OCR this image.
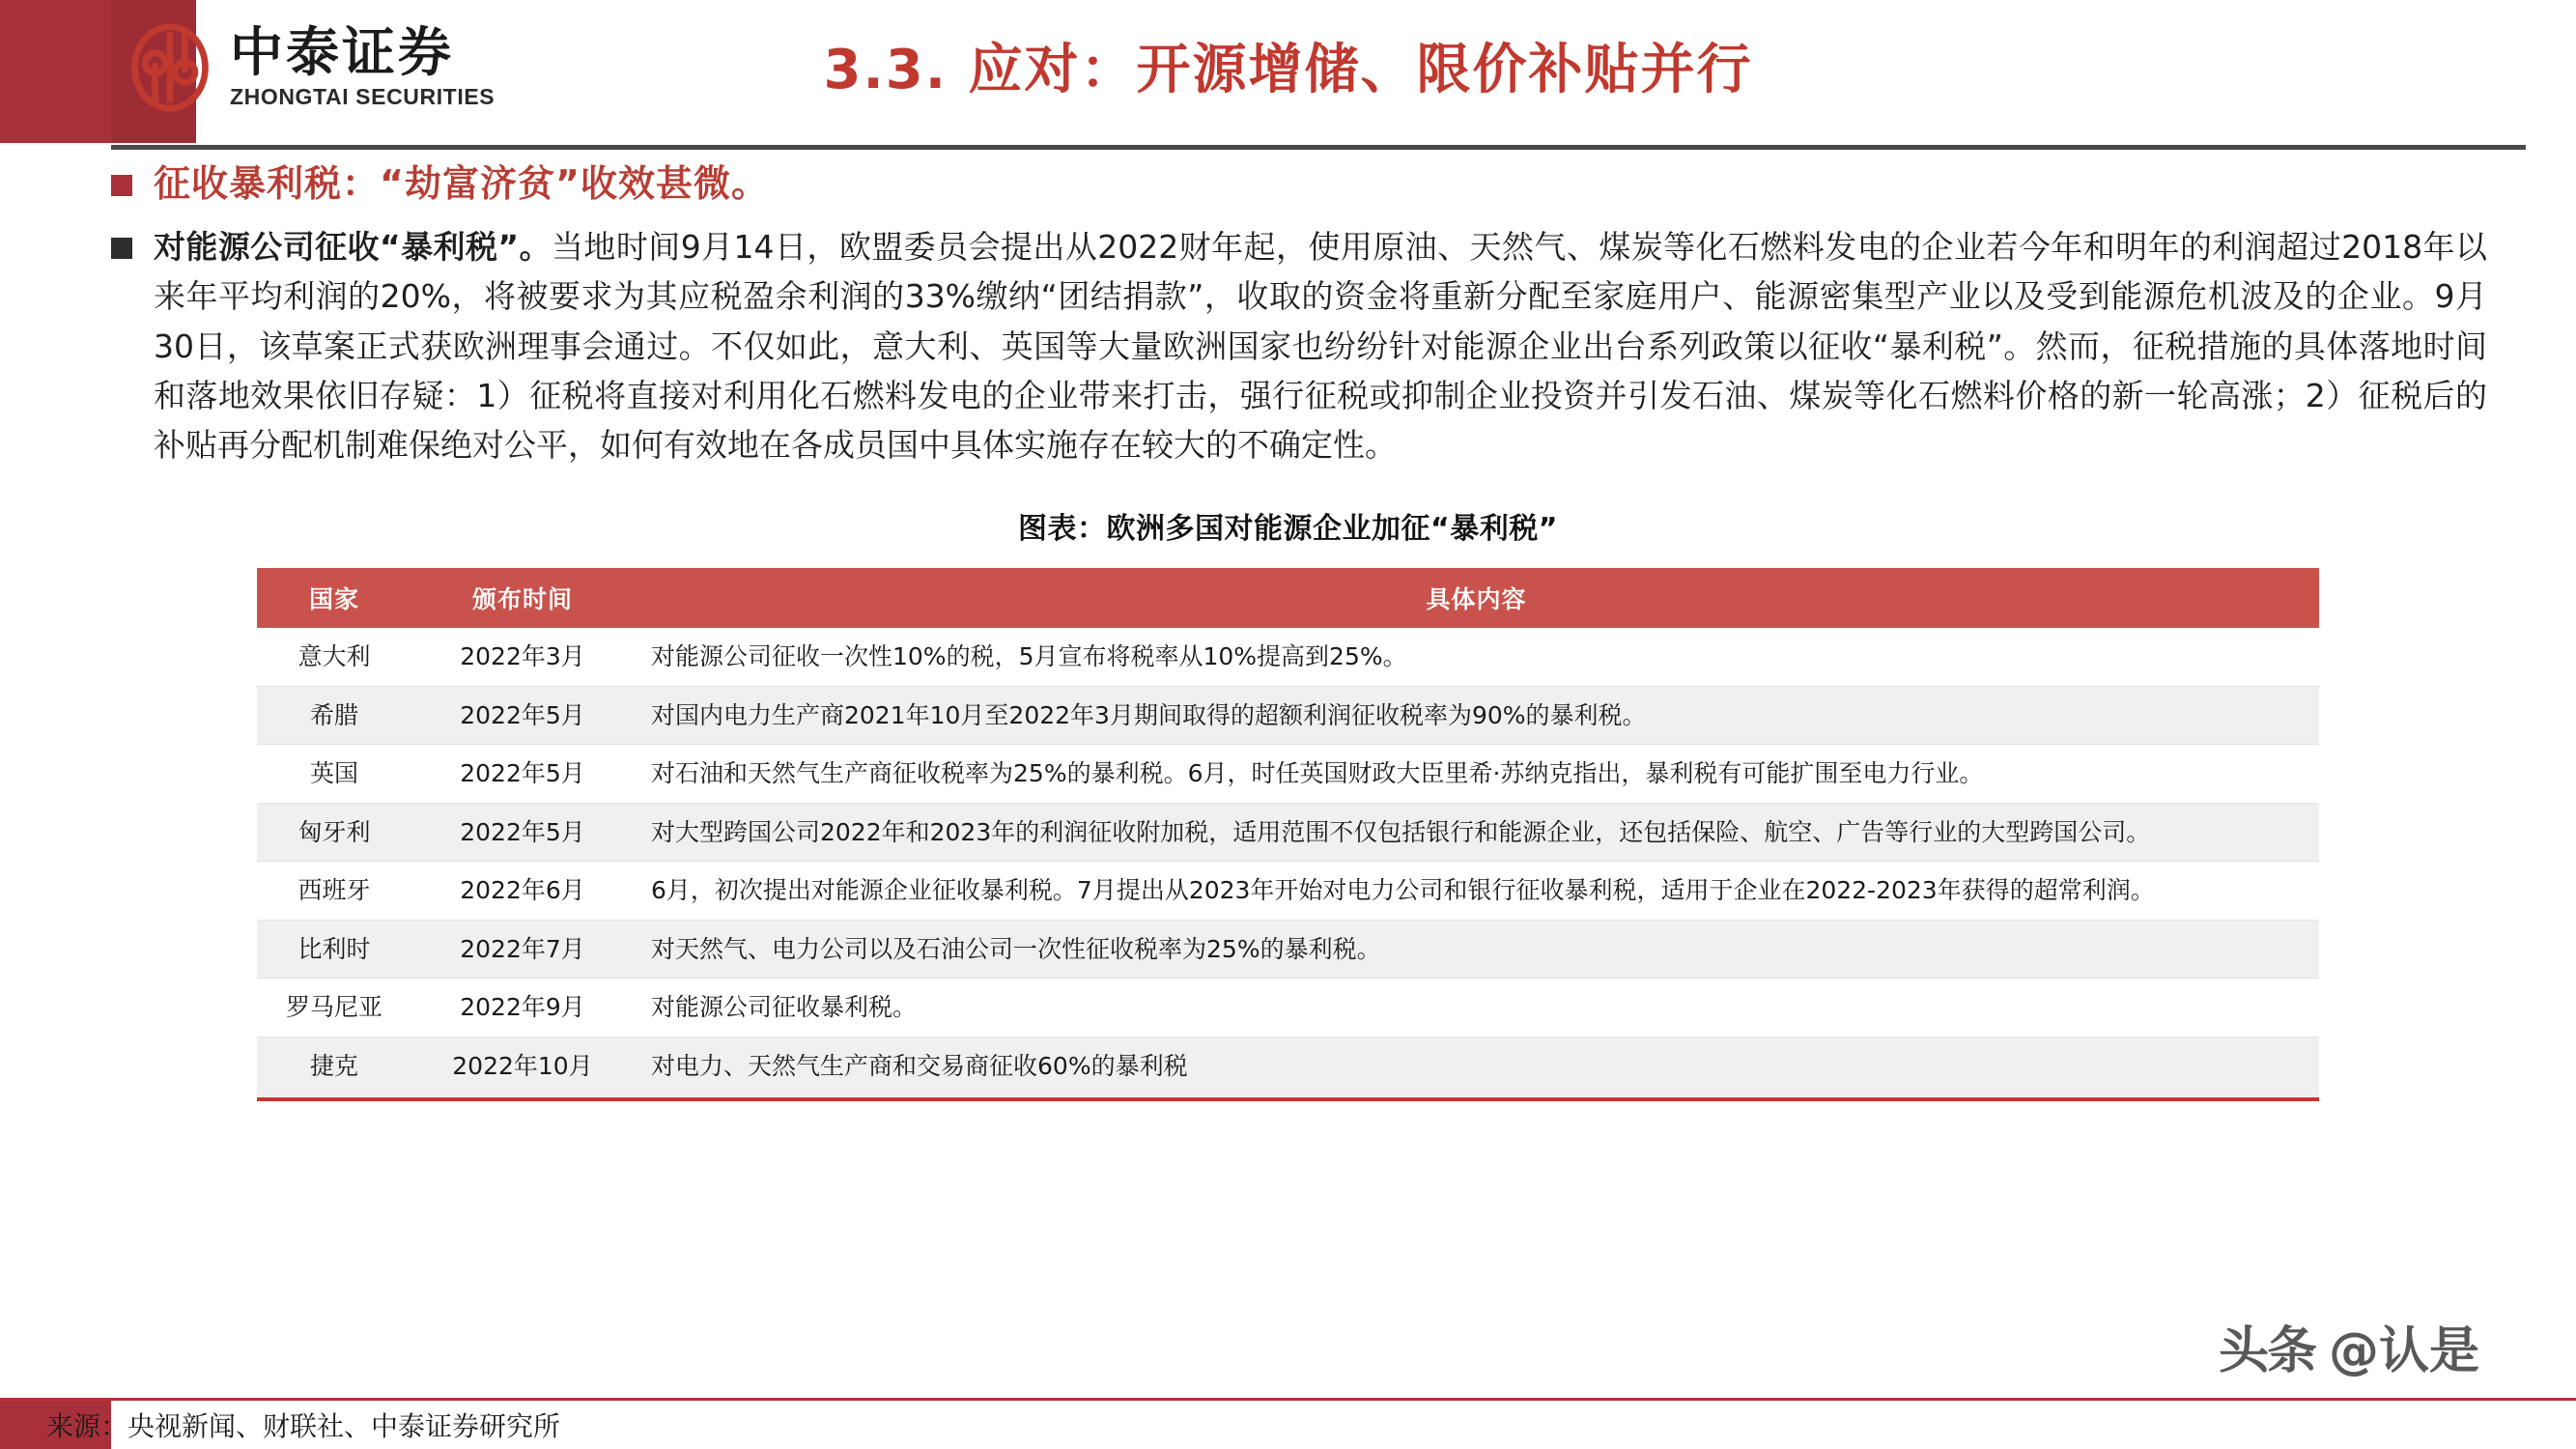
中泰证券
ZHONGTAI SECURITIES	3.3. 应对：开源增储、限价补贴并行
征收暴利税：“劫富济贫”收效甚微。

对能源公司征收“暴利税”。当地时间9月14日，欧盟委员会提出从2022财年起，使用原油、天然气、煤炭等化石燃料发电的企业若今年和明年的利润超过2018年以来年平均利润的20%，将被要求为其应税盈余利润的33%缴纳“团结捐款”，收取的资金将重新分配至家庭用户、能源密集型产业以及受到能源危机波及的企业。9月30日，该草案正式获欧洲理事会通过。不仅如此，意大利、英国等大量欧洲国家也纷纷针对能源企业出台系列政策以征收“暴利税”。然而，征税措施的具体落地时间和落地效果依旧存疑：1）征税将直接对利用化石燃料发电的企业带来打击，强行征税或抑制企业投资并引发石油、煤炭等化石燃料价格的新一轮高涨；2）征税后的补贴再分配机制难保绝对公平，如何有效地在各成员国中具体实施存在较大的不确定性。

图表：欧洲多国对能源企业加征“暴利税”
国家	颁布时间	具体内容
意大利	2022年3月	对能源公司征收一次性10%的税，5月宣布将税率从10%提高到25%。
希腊	2022年5月	对国内电力生产商2021年10月至2022年3月期间取得的超额利润征收税率为90%的暴利税。
英国	2022年5月	对石油和天然气生产商征收税率为25%的暴利税。6月，时任英国财政大臣里希·苏纳克指出，暴利税有可能扩围至电力行业。
匈牙利	2022年5月	对大型跨国公司2022年和2023年的利润征收附加税，适用范围不仅包括银行和能源企业，还包括保险、航空、广告等行业的大型跨国公司。
西班牙	2022年6月	6月，初次提出对能源企业征收暴利税。7月提出从2023年开始对电力公司和银行征收暴利税，适用于企业在2022-2023年获得的超常利润。
比利时	2022年7月	对天然气、电力公司以及石油公司一次性征收税率为25%的暴利税。
罗马尼亚	2022年9月	对能源公司征收暴利税。
捷克	2022年10月	对电力、天然气生产商和交易商征收60%的暴利税
头条 @认是
来源：央视新闻、财联社、中泰证券研究所
